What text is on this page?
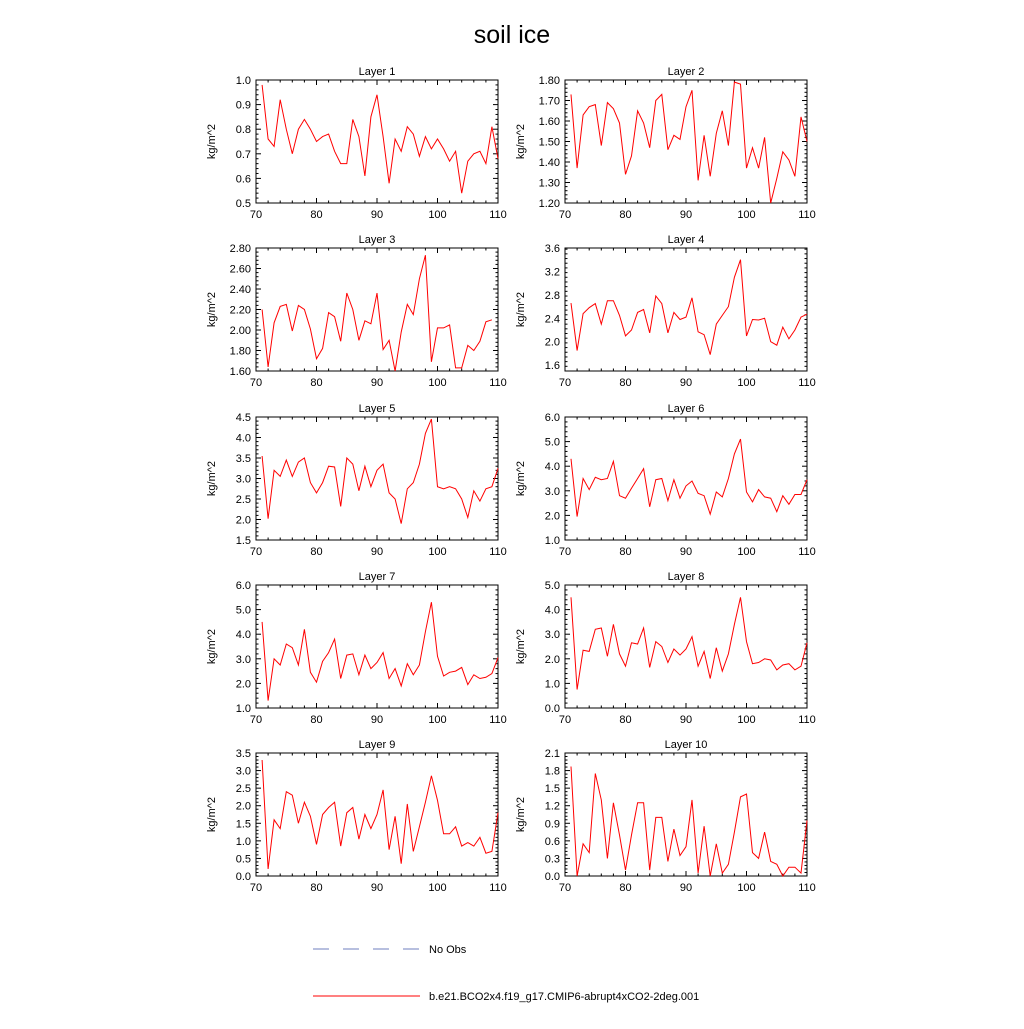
soil ice
Layer 1
kg/m^2
70	80	90	100	110
0.5
0.6
0.7
0.8
0.9
1.0
Layer 2
kg/m^2
70	80	90	100	110
1.20
1.30
1.40
1.50
1.60
1.70
1.80
Layer 3
kg/m^2
70	80	90	100	110
1.60
1.80
2.00
2.20
2.40
2.60
2.80
Layer 4
kg/m^2
70	80	90	100	110
1.6
2.0
2.4
2.8
3.2
3.6
Layer 5
kg/m^2
70	80	90	100	110
1.5
2.0
2.5
3.0
3.5
4.0
4.5
Layer 6
kg/m^2
70	80	90	100	110
1.0
2.0
3.0
4.0
5.0
6.0
Layer 7
kg/m^2
70	80	90	100	110
1.0
2.0
3.0
4.0
5.0
6.0
Layer 8
kg/m^2
70	80	90	100	110
0.0
1.0
2.0
3.0
4.0
5.0
Layer 9
kg/m^2
70	80	90	100	110
0.0
0.5
1.0
1.5
2.0
2.5
3.0
3.5
Layer 10
kg/m^2
70	80	90	100	110
0.0
0.3
0.6
0.9
1.2
1.5
1.8
2.1
No Obs
b.e21.BCO2x4.f19_g17.CMIP6-abrupt4xCO2-2deg.001
